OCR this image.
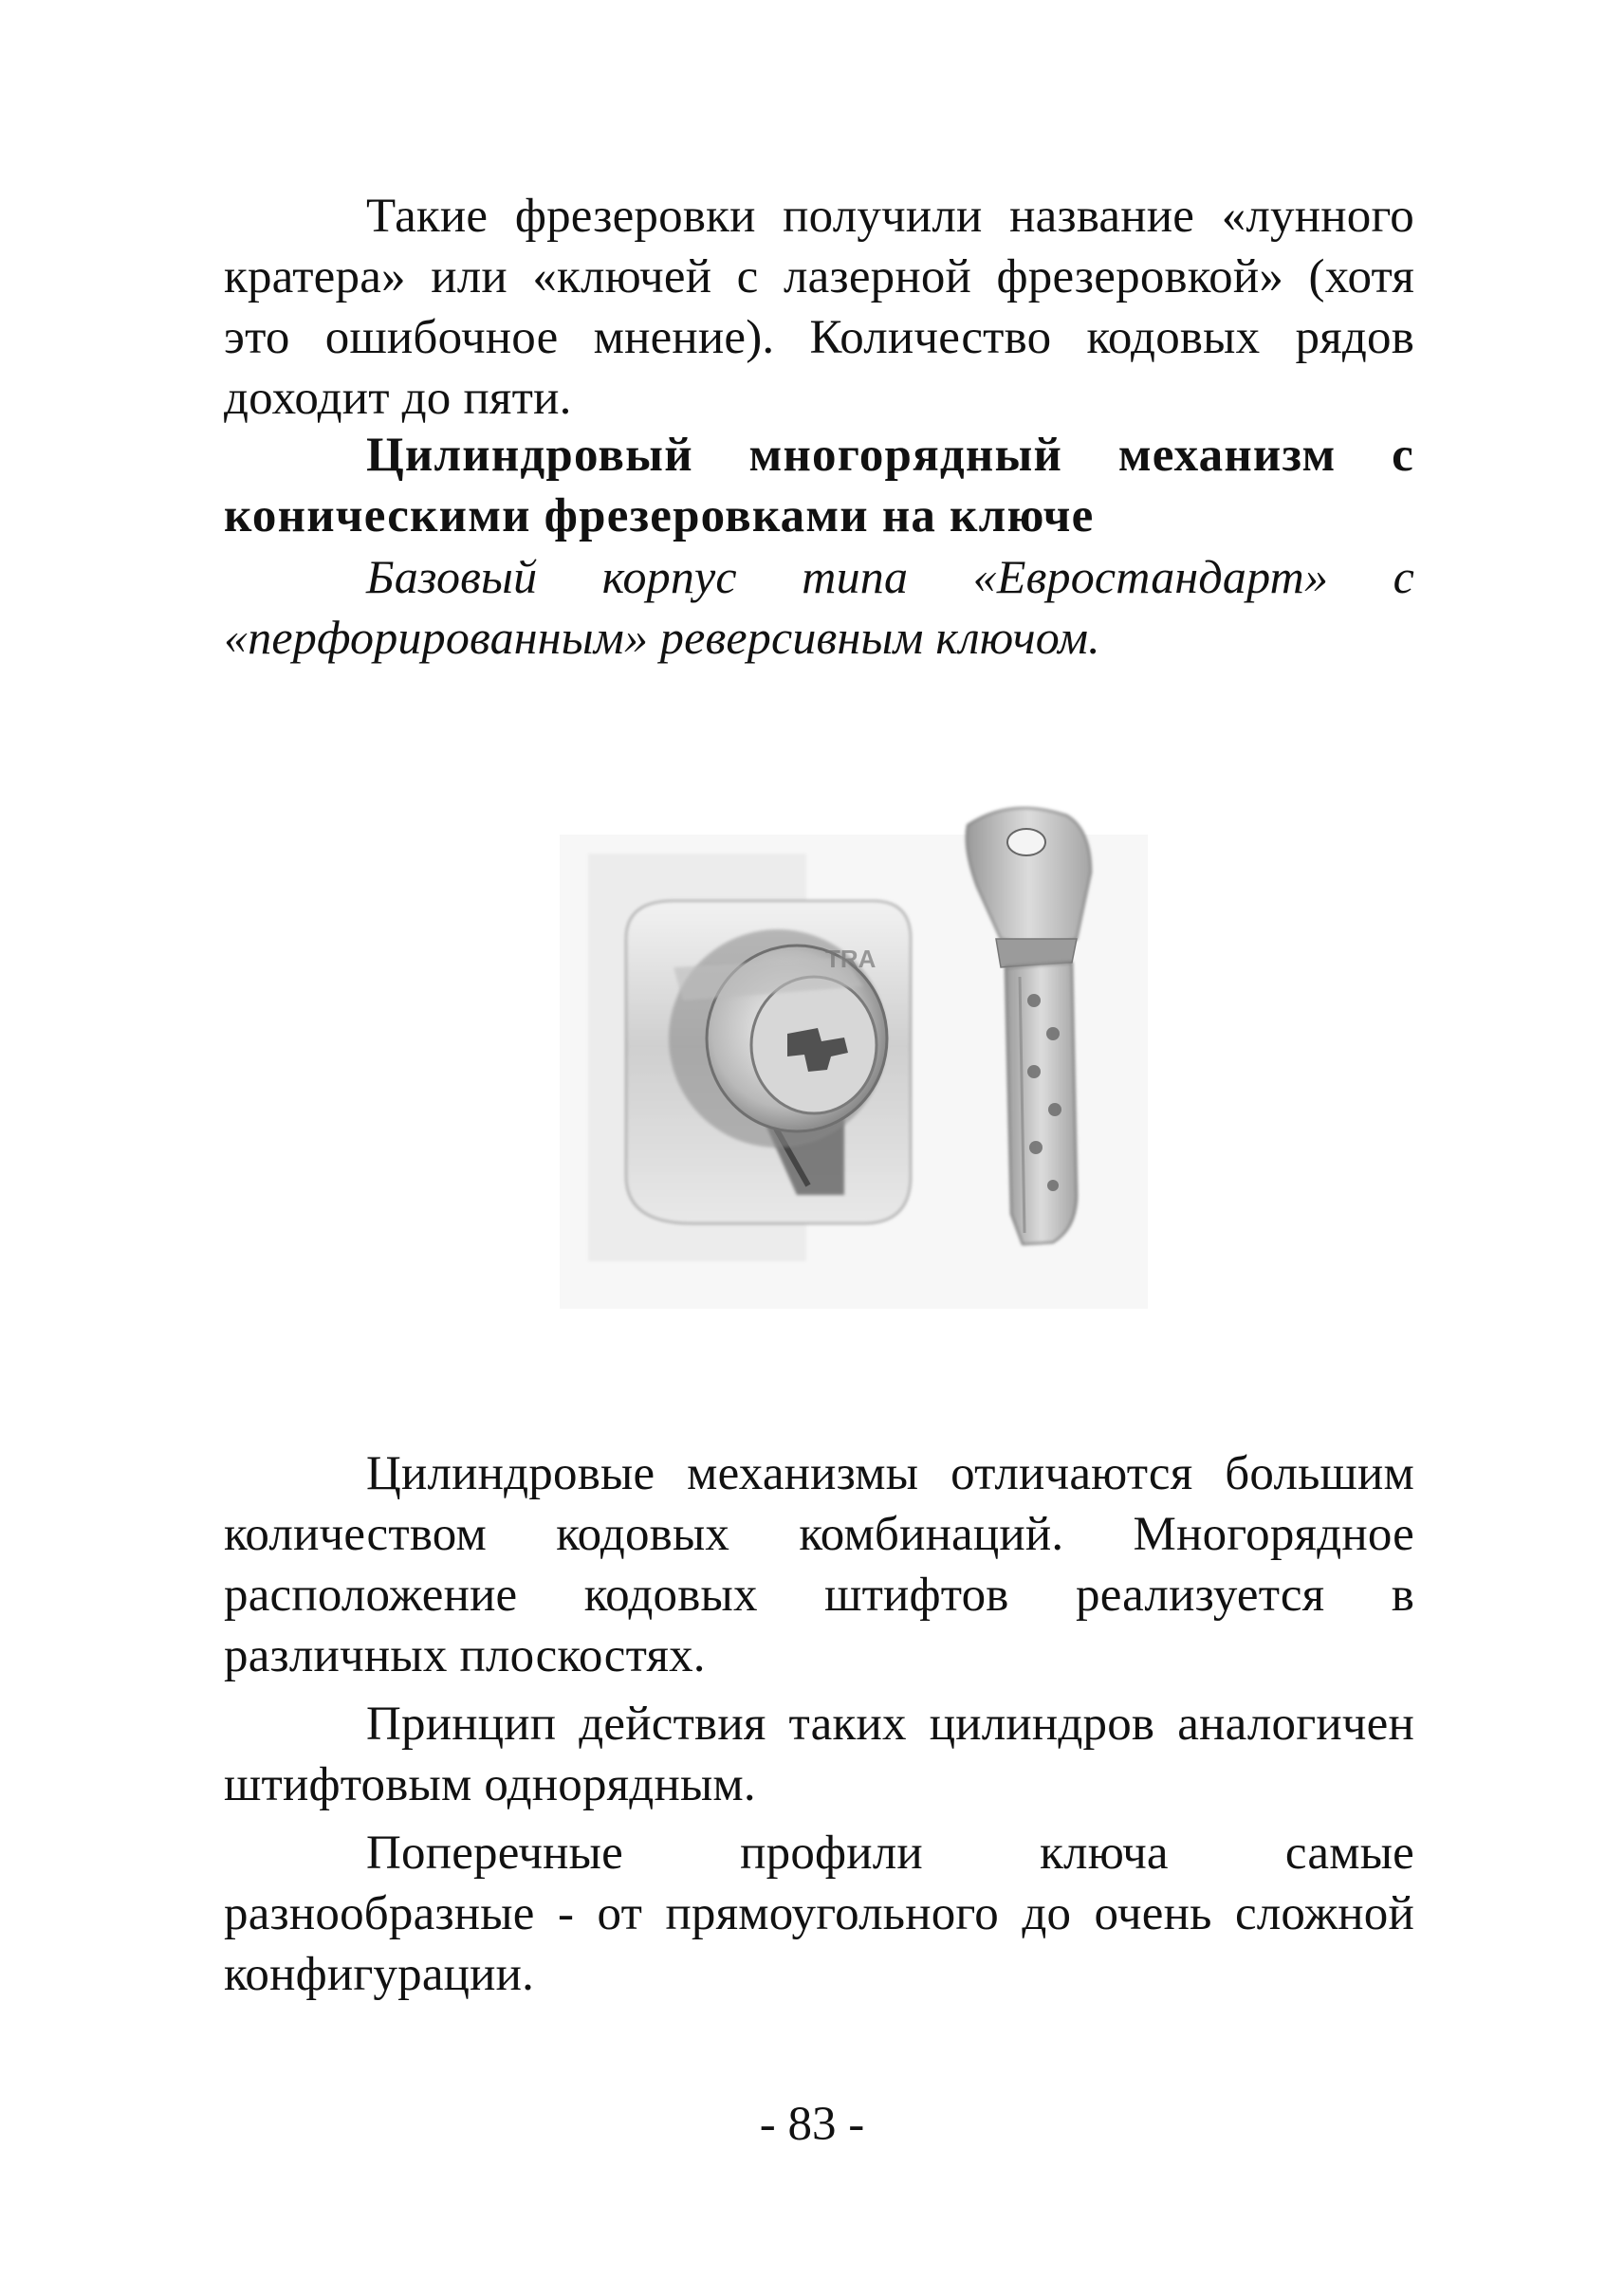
Такие фрезеровки получили название «лунного кратера» или «ключей с лазерной фрезеровкой» (хотя это ошибочное мнение). Количество кодовых рядов доходит до пяти.

Цилиндровый многорядный механизм с коническими фрезеровками на ключе
Базовый корпус типа «Евростандарт» с «перфорированным» реверсивным ключом.
TRA

Цилиндровые механизмы отличаются большим количеством кодовых комбинаций. Многорядное расположение кодовых штифтов реализуется в различных плоскостях.

Принцип действия таких цилиндров аналогичен штифтовым однорядным.

Поперечные профили ключа самые разнообразные - от прямоугольного до очень сложной конфигурации.

- 83 -
